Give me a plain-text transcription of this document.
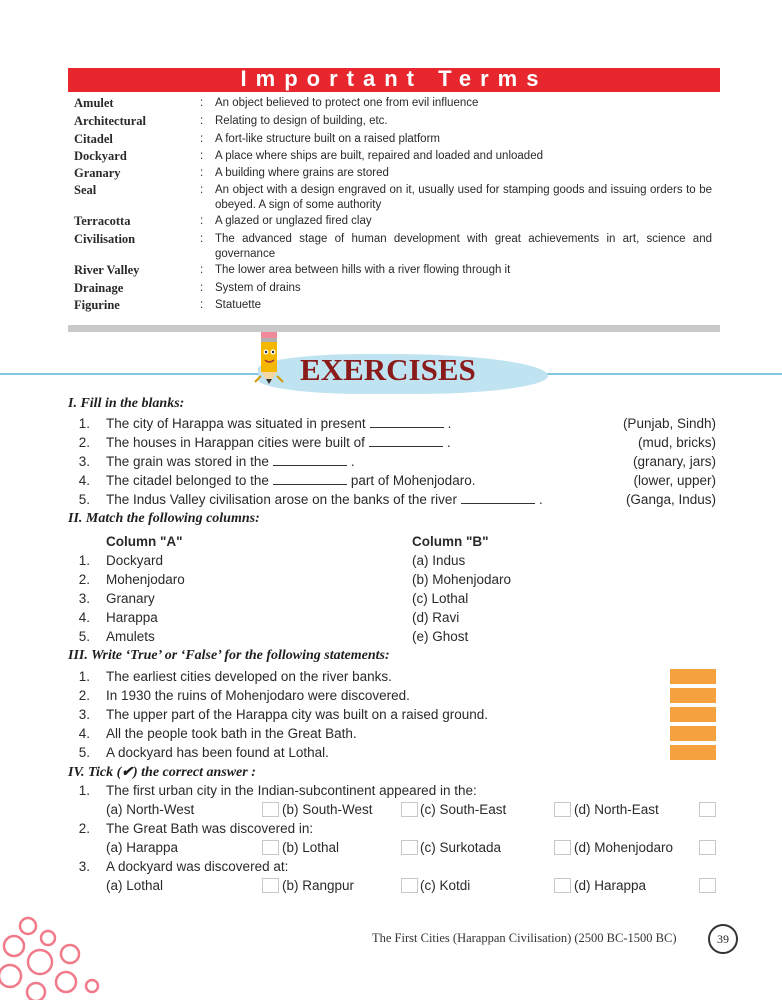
Important Terms
Amulet	: An object believed to protect one from evil influence
Architectural	: Relating to design of building, etc.
Citadel	: A fort-like structure built on a raised platform
Dockyard	: A place where ships are built, repaired and loaded and unloaded
Granary	: A building where grains are stored
Seal	: An object with a design engraved on it, usually used for stamping goods and issuing orders to be obeyed. A sign of some authority
Terracotta	: A glazed or unglazed fired clay
Civilisation	: The advanced stage of human development with great achievements in art, science and governance
River Valley	: The lower area between hills with a river flowing through it
Drainage	: System of drains
Figurine	: Statuette
EXERCISES
I. Fill in the blanks:
1. The city of Harappa was situated in present	.	(Punjab, Sindh)
2. The houses in Harappan cities were built of	.	(mud, bricks)
3. The grain was stored in the	.	(granary, jars)
4. The citadel belonged to the	part of Mohenjodaro.	(lower, upper)
5. The Indus Valley civilisation arose on the banks of the river	.	(Ganga, Indus)
II. Match the following columns:
Column "A"	Column "B"
1. Dockyard	(a) Indus
2. Mohenjodaro	(b) Mohenjodaro
3. Granary	(c) Lothal
4. Harappa	(d) Ravi
5. Amulets	(e) Ghost
III. Write ‘True’ or ‘False’ for the following statements:
1. The earliest cities developed on the river banks.
2. In 1930 the ruins of Mohenjodaro were discovered.
3. The upper part of the Harappa city was built on a raised ground.
4. All the people took bath in the Great Bath.
5. A dockyard has been found at Lothal.
IV. Tick (✔) the correct answer :
1. The first urban city in the Indian-subcontinent appeared in the:
(a) North-West	(b) South-West	(c) South-East	(d) North-East
2. The Great Bath was discovered in:
(a) Harappa	(b) Lothal	(c) Surkotada	(d) Mohenjodaro
3. A dockyard was discovered at:
(a) Lothal	(b) Rangpur	(c) Kotdi	(d) Harappa
The First Cities (Harappan Civilisation) (2500 BC-1500 BC)	39
